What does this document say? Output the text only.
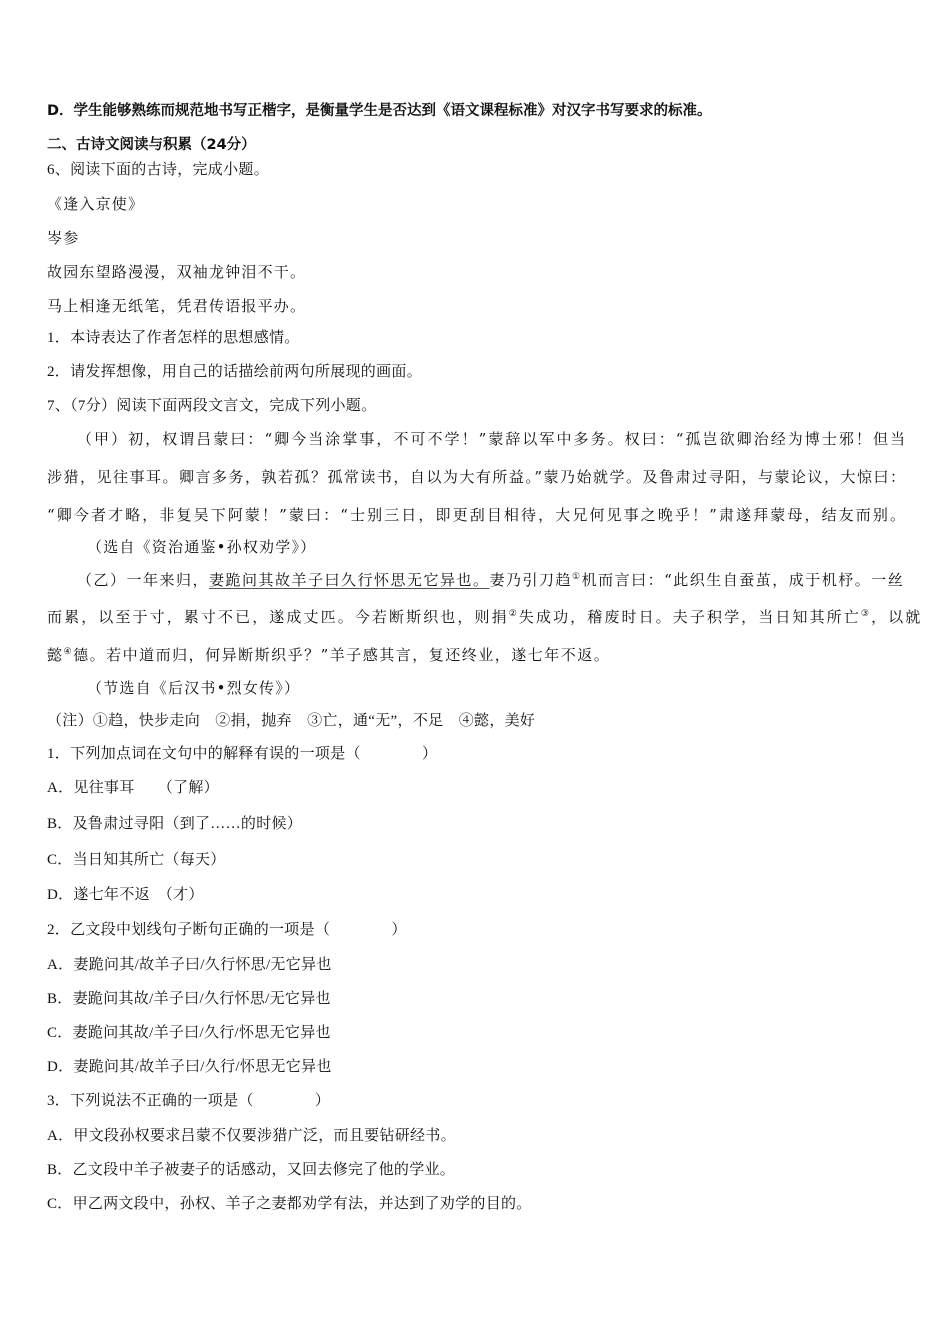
D．学生能够熟练而规范地书写正楷字，是衡量学生是否达到《语文课程标准》对汉字书写要求的标准。
二、古诗文阅读与积累（24分）
6、阅读下面的古诗，完成小题。
《逢入京使》
岑参
故园东望路漫漫，双袖龙钟泪不干。
马上相逢无纸笔，凭君传语报平办。
1．本诗表达了作者怎样的思想感情。
2．请发挥想像，用自己的话描绘前两句所展现的画面。
7、（7分）阅读下面两段文言文，完成下列小题。
（甲）初，权谓吕蒙曰：“卿今当涂掌事，不可不学！”蒙辞以军中多务。权曰：“孤岂欲卿治经为博士邪！但当
涉猎，见往事耳。卿言多务，孰若孤？孤常读书，自以为大有所益。”蒙乃始就学。及鲁肃过寻阳，与蒙论议，大惊曰：
“卿今者才略，非复吴下阿蒙！”蒙曰：“士别三日，即更刮目相待，大兄何见事之晚乎！”肃遂拜蒙母，结友而别。
（选自《资治通鉴•孙权劝学》）
（乙）一年来归，妻跪问其故羊子曰久行怀思无它异也。妻乃引刀趋①机而言曰：“此织生自蚕茧，成于机杼。一丝
而累，以至于寸，累寸不已，遂成丈匹。今若断斯织也，则捐②失成功，稽废时日。夫子积学，当日知其所亡③，以就
懿④德。若中道而归，何异断斯织乎？”羊子感其言，复还终业，遂七年不返。
（节选自《后汉书•烈女传》）
（注）①趋，快步走向　②捐，抛弃　③亡，通“无”，不足　④懿，美好
1．下列加点词在文句中的解释有误的一项是（　　　　）
A．见往事耳　　（了解）
B．及鲁肃过寻阳（到了……的时候）
C．当日知其所亡（每天）
D．遂七年不返　（才）
2．乙文段中划线句子断句正确的一项是（　　　　）
A．妻跪问其/故羊子曰/久行怀思/无它异也
B．妻跪问其故/羊子曰/久行怀思/无它异也
C．妻跪问其故/羊子曰/久行/怀思无它异也
D．妻跪问其/故羊子曰/久行/怀思无它异也
3．下列说法不正确的一项是（　　　　）
A．甲文段孙权要求吕蒙不仅要涉猎广泛，而且要钻研经书。
B．乙文段中羊子被妻子的话感动，又回去修完了他的学业。
C．甲乙两文段中，孙权、羊子之妻都劝学有法，并达到了劝学的目的。
